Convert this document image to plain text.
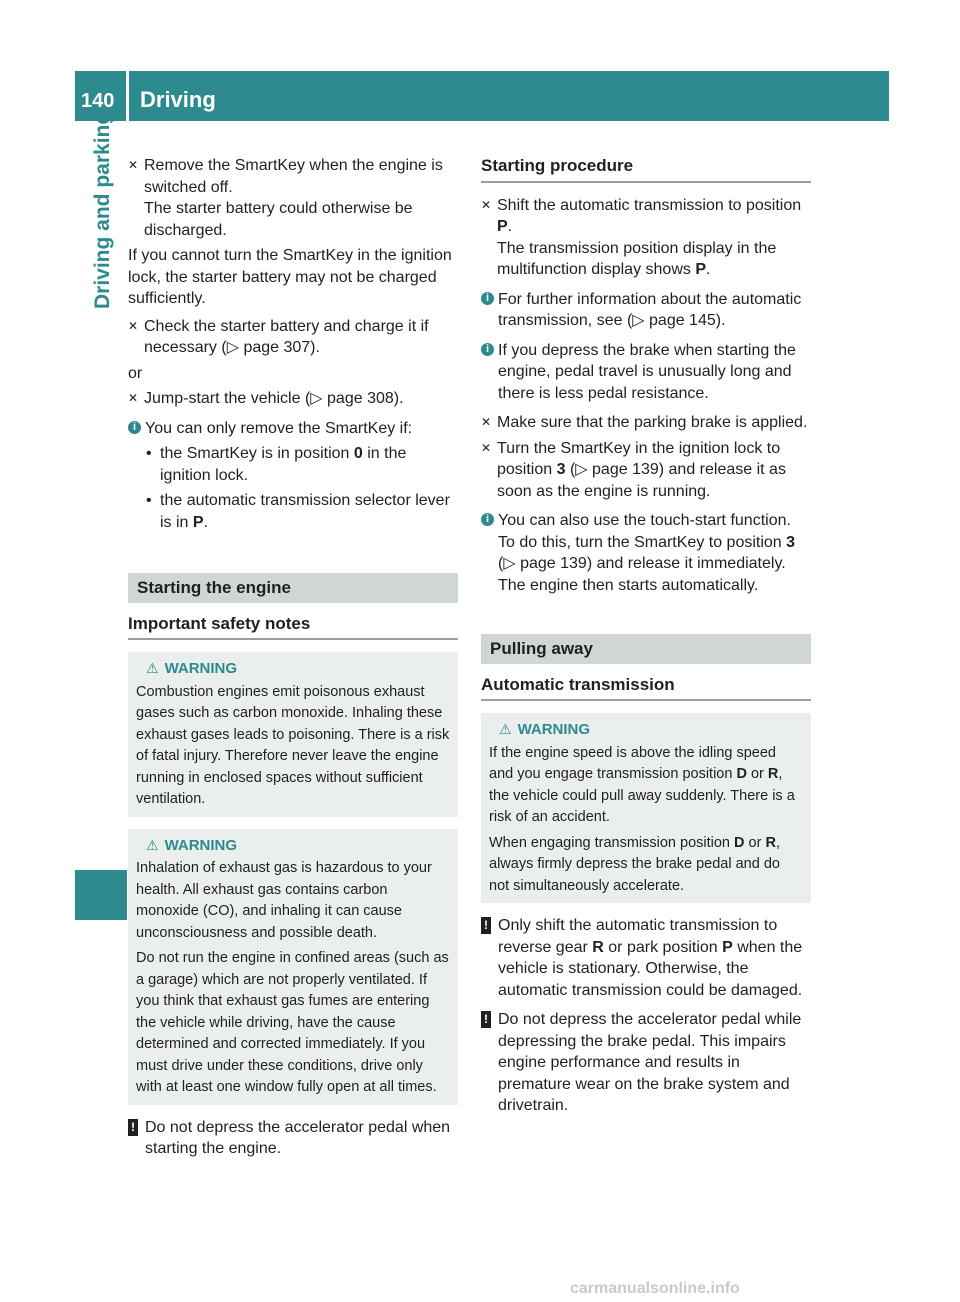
140 Driving
Driving and parking ✕ Remove the SmartKey when the engine is switched off.

The starter battery could otherwise be discharged.

If you cannot turn the SmartKey in the ignition lock, the starter battery may not be charged sufficiently.

✕ Check the starter battery and charge it if necessary (▷ page 307).

or

✕ Jump-start the vehicle (▷ page 308).

i You can only remove the SmartKey if:

• the SmartKey is in position 0 in the ignition lock.
• the automatic transmission selector lever is in P.
Starting the engine
Important safety notes
⚠ WARNING

Combustion engines emit poisonous exhaust gases such as carbon monoxide. Inhaling these exhaust gases leads to poisoning. There is a risk of fatal injury. Therefore never leave the engine running in enclosed spaces without sufficient ventilation.

⚠ WARNING

Inhalation of exhaust gas is hazardous to your health. All exhaust gas contains carbon monoxide (CO), and inhaling it can cause unconsciousness and possible death.

Do not run the engine in confined areas (such as a garage) which are not properly ventilated. If you think that exhaust gas fumes are entering the vehicle while driving, have the cause determined and corrected immediately. If you must drive under these conditions, drive only with at least one window fully open at all times.

! Do not depress the accelerator pedal when starting the engine.

Starting procedure
✕ Shift the automatic transmission to position P.

The transmission position display in the multifunction display shows P.

i For further information about the automatic transmission, see (▷ page 145).

i If you depress the brake when starting the engine, pedal travel is unusually long and there is less pedal resistance.

✕ Make sure that the parking brake is applied.

✕ Turn the SmartKey in the ignition lock to position 3 (▷ page 139) and release it as soon as the engine is running.

i You can also use the touch-start function. To do this, turn the SmartKey to position 3 (▷ page 139) and release it immediately. The engine then starts automatically.

Pulling away
Automatic transmission
⚠ WARNING

If the engine speed is above the idling speed and you engage transmission position D or R, the vehicle could pull away suddenly. There is a risk of an accident.

When engaging transmission position D or R, always firmly depress the brake pedal and do not simultaneously accelerate.

! Only shift the automatic transmission to reverse gear R or park position P when the vehicle is stationary. Otherwise, the automatic transmission could be damaged.

! Do not depress the accelerator pedal while depressing the brake pedal. This impairs engine performance and results in premature wear on the brake system and drivetrain.

carmanualsonline.info
